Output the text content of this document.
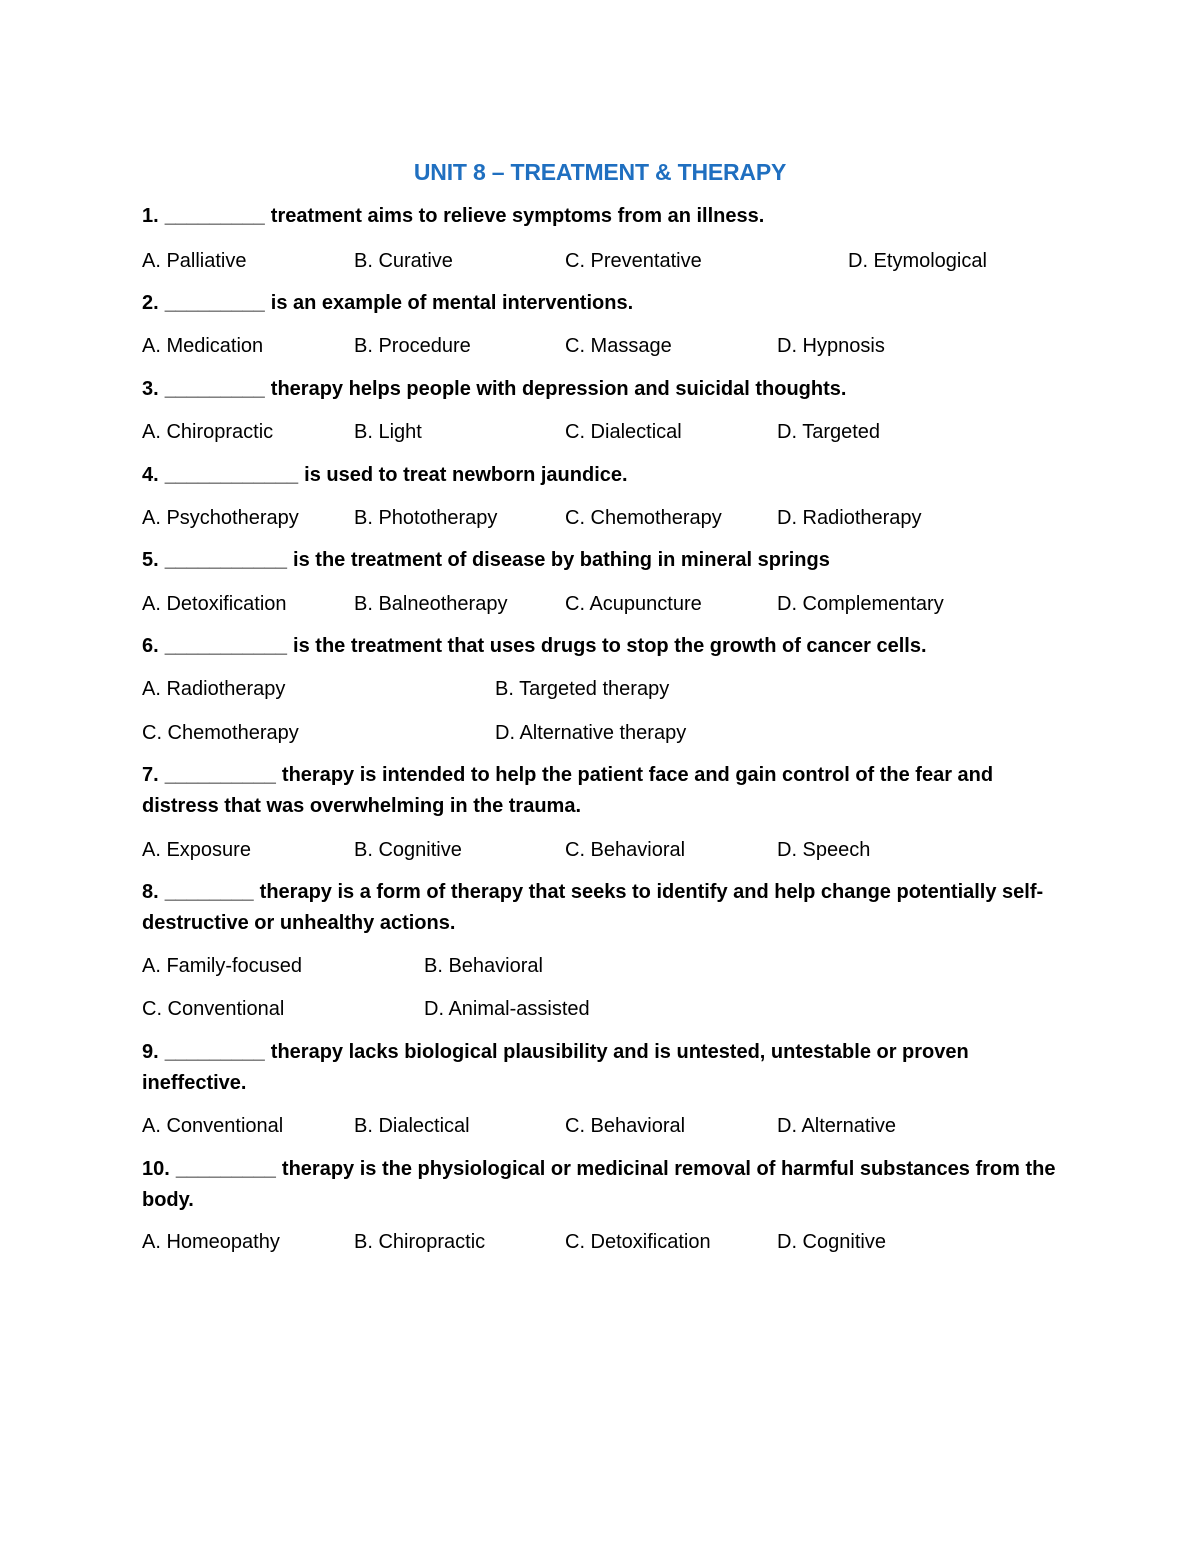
UNIT 8 – TREATMENT & THERAPY
1. _________ treatment aims to relieve symptoms from an illness.
A. Palliative	B. Curative	C. Preventative	D. Etymological
2. _________ is an example of mental interventions.
A. Medication	B. Procedure	C. Massage	D. Hypnosis
3. _________ therapy helps people with depression and suicidal thoughts.
A. Chiropractic	B. Light	C. Dialectical	D. Targeted
4. ____________ is used to treat newborn jaundice.
A. Psychotherapy	B. Phototherapy	C. Chemotherapy	D. Radiotherapy
5. ___________ is the treatment of disease by bathing in mineral springs
A. Detoxification	B. Balneotherapy	C. Acupuncture	D. Complementary
6. ___________ is the treatment that uses drugs to stop the growth of cancer cells.
A. Radiotherapy	B. Targeted therapy
C. Chemotherapy	D. Alternative therapy
7. __________ therapy is intended to help the patient face and gain control of the fear and distress that was overwhelming in the trauma.
A. Exposure	B. Cognitive	C. Behavioral	D. Speech
8. ________ therapy is a form of therapy that seeks to identify and help change potentially self-destructive or unhealthy actions.
A. Family-focused	B. Behavioral
C. Conventional	D. Animal-assisted
9. _________ therapy lacks biological plausibility and is untested, untestable or proven ineffective.
A. Conventional	B. Dialectical	C. Behavioral	D. Alternative
10. _________ therapy is the physiological or medicinal removal of harmful substances from the body.
A. Homeopathy	B. Chiropractic	C. Detoxification	D. Cognitive
